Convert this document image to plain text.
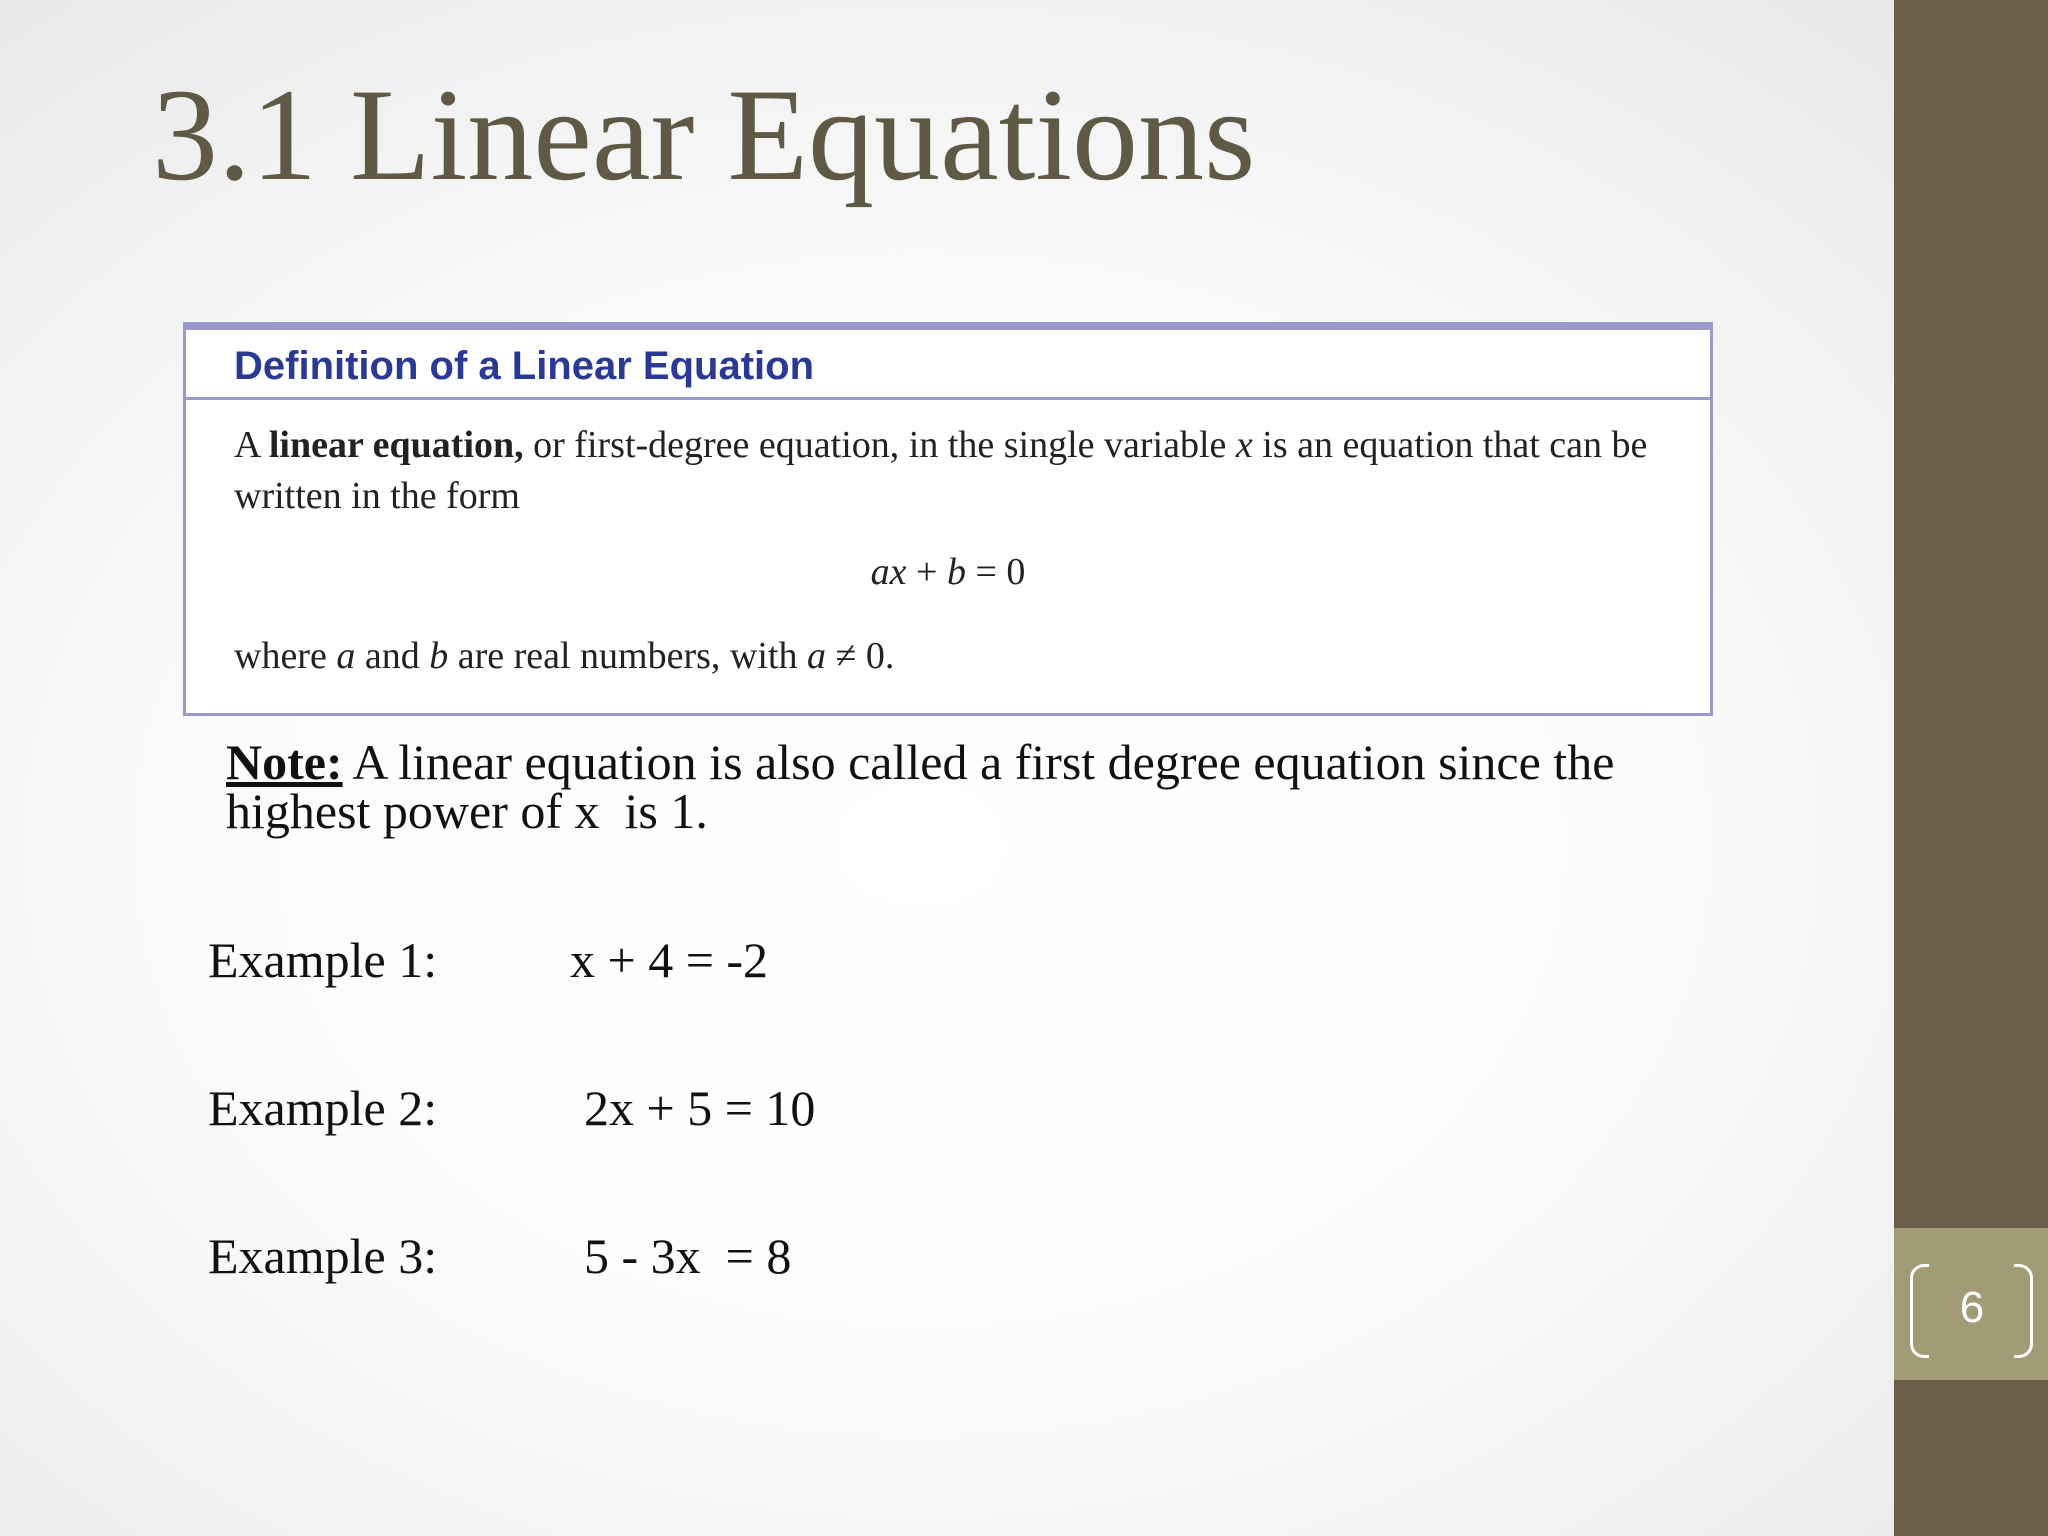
3.1 Linear Equations
6
Definition of a Linear Equation

A linear equation, or first-degree equation, in the single variable x is an equation that can be written in the form

ax + b = 0
where a and b are real numbers, with a ≠ 0.

Note: A linear equation is also called a first degree equation since the highest power of x  is 1.

Example 1:	x + 4 = -2
Example 2:	2x + 5 = 10
Example 3:	5 - 3x  = 8
